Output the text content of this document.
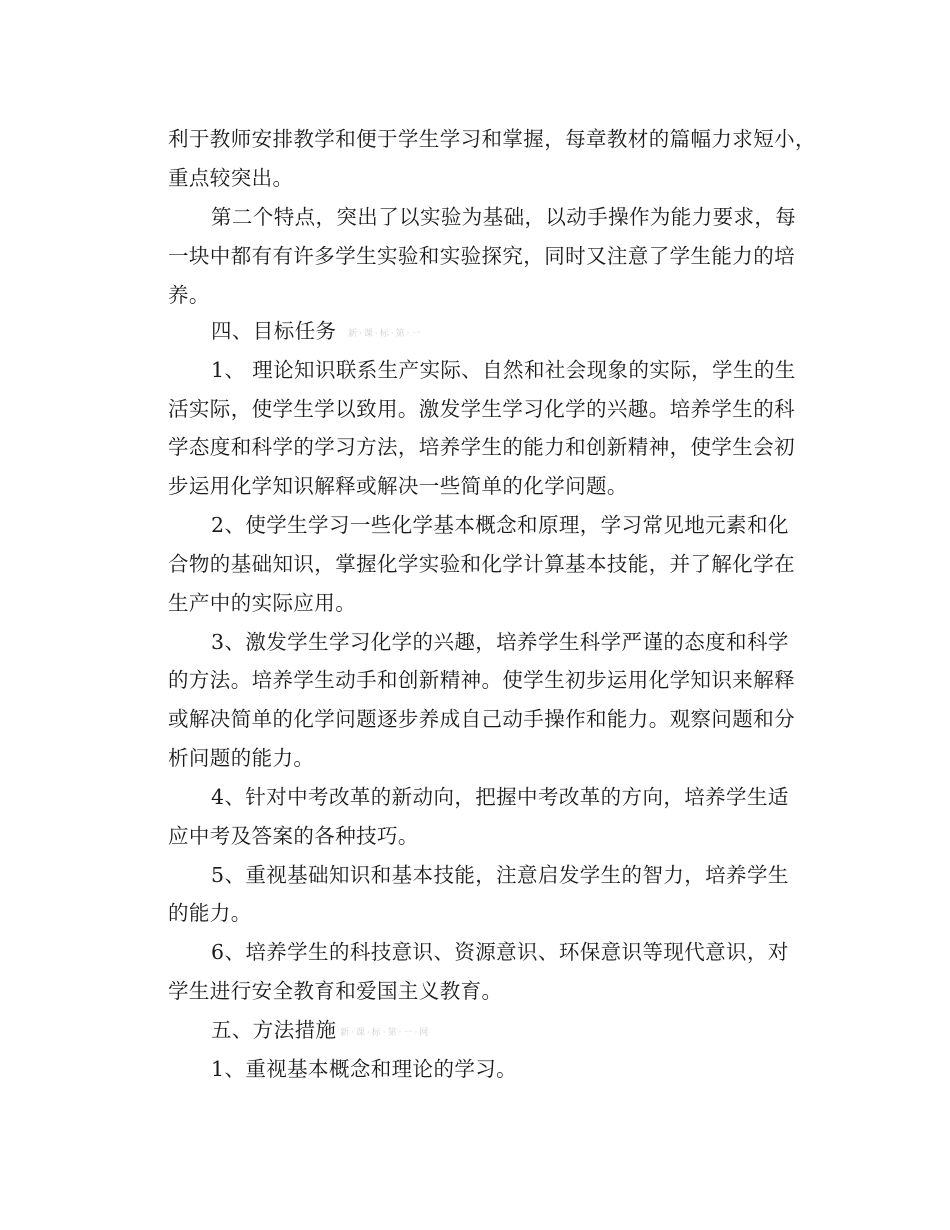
利于教师安排教学和便于学生学习和掌握，每章教材的篇幅力求短小，

重点较突出。

第二个特点，突出了以实验为基础，以动手操作为能力要求，每

一块中都有有许多学生实验和实验探究，同时又注意了学生能力的培

养。

四、目标任务 新·课·标·第·一

1、 理论知识联系生产实际、自然和社会现象的实际，学生的生

活实际，使学生学以致用。激发学生学习化学的兴趣。培养学生的科

学态度和科学的学习方法，培养学生的能力和创新精神，使学生会初

步运用化学知识解释或解决一些简单的化学问题。

2、使学生学习一些化学基本概念和原理，学习常见地元素和化

合物的基础知识，掌握化学实验和化学计算基本技能，并了解化学在

生产中的实际应用。

3、激发学生学习化学的兴趣，培养学生科学严谨的态度和科学

的方法。培养学生动手和创新精神。使学生初步运用化学知识来解释

或解决简单的化学问题逐步养成自己动手操作和能力。观察问题和分

析问题的能力。

4、针对中考改革的新动向，把握中考改革的方向，培养学生适

应中考及答案的各种技巧。

5、重视基础知识和基本技能，注意启发学生的智力，培养学生

的能力。

6、培养学生的科技意识、资源意识、环保意识等现代意识，对

学生进行安全教育和爱国主义教育。

五、方法措施 新·课·标·第·一·网

1、重视基本概念和理论的学习。
